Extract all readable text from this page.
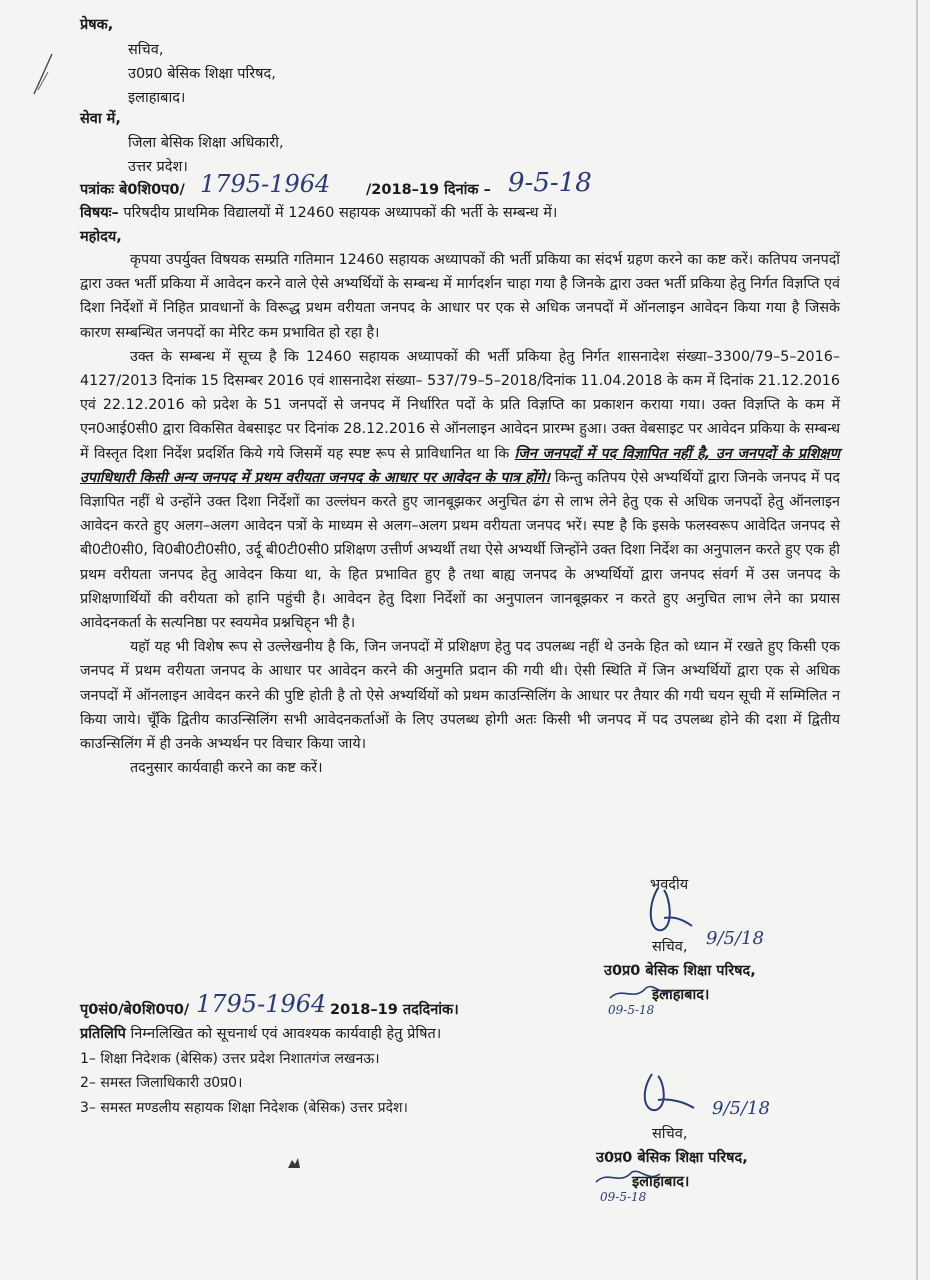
प्रेषक,
सचिव,
उ0प्र0 बेसिक शिक्षा परिषद,
इलाहाबाद।
सेवा में,
जिला बेसिक शिक्षा अधिकारी,
उत्तर प्रदेश।
पत्रांकः बे0शि0प0/ 1795-1964 /2018–19 दिनांक – 9-5-18
विषयः– परिषदीय प्राथमिक विद्यालयों में 12460 सहायक अध्यापकों की भर्ती के सम्बन्ध में।
महोदय,

कृपया उपर्युक्त विषयक सम्प्रति गतिमान 12460 सहायक अध्यापकों की भर्ती प्रकिया का संदर्भ ग्रहण करने का कष्ट करें। कतिपय जनपदों द्वारा उक्त भर्ती प्रकिया में आवेदन करने वाले ऐसे अभ्यर्थियों के सम्बन्ध में मार्गदर्शन चाहा गया है जिनके द्वारा उक्त भर्ती प्रकिया हेतु निर्गत विज्ञप्ति एवं दिशा निर्देशों में निहित प्रावधानों के विरूद्ध प्रथम वरीयता जनपद के आधार पर एक से अधिक जनपदों में ऑनलाइन आवेदन किया गया है जिसके कारण सम्बन्धित जनपदों का मेरिट कम प्रभावित हो रहा है।

उक्त के सम्बन्ध में सूच्य है कि 12460 सहायक अध्यापकों की भर्ती प्रकिया हेतु निर्गत शासनादेश संख्या–3300/79–5–2016–4127/2013 दिनांक 15 दिसम्बर 2016 एवं शासनादेश संख्या– 537/79–5–2018/दिनांक 11.04.2018 के कम में दिनांक 21.12.2016 एवं 22.12.2016 को प्रदेश के 51 जनपदों से जनपद में निर्धारित पदों के प्रति विज्ञप्ति का प्रकाशन कराया गया। उक्त विज्ञप्ति के कम में एन0आई0सी0 द्वारा विकसित वेबसाइट पर दिनांक 28.12.2016 से ऑनलाइन आवेदन प्रारम्भ हुआ। उक्त वेबसाइट पर आवेदन प्रकिया के सम्बन्ध में विस्तृत दिशा निर्देश प्रदर्शित किये गये जिसमें यह स्पष्ट रूप से प्राविधानित था कि जिन जनपदों में पद विज्ञापित नहीं है, उन जनपदों के प्रशिक्षण उपाधिधारी किसी अन्य जनपद में प्रथम वरीयता जनपद के आधार पर आवेदन के पात्र होंगे। किन्तु कतिपय ऐसे अभ्यर्थियों द्वारा जिनके जनपद में पद विज्ञापित नहीं थे उन्होंने उक्त दिशा निर्देशों का उल्लंघन करते हुए जानबूझकर अनुचित ढंग से लाभ लेने हेतु एक से अधिक जनपदों हेतु ऑनलाइन आवेदन करते हुए अलग–अलग आवेदन पत्रों के माध्यम से अलग–अलग प्रथम वरीयता जनपद भरें। स्पष्ट है कि इसके फलस्वरूप आवेदित जनपद से बी0टी0सी0, वि0बी0टी0सी0, उर्दू बी0टी0सी0 प्रशिक्षण उत्तीर्ण अभ्यर्थी तथा ऐसे अभ्यर्थी जिन्होंने उक्त दिशा निर्देश का अनुपालन करते हुए एक ही प्रथम वरीयता जनपद हेतु आवेदन किया था, के हित प्रभावित हुए है तथा बाह्य जनपद के अभ्यर्थियों द्वारा जनपद संवर्ग में उस जनपद के प्रशिक्षणार्थियों की वरीयता को हानि पहुंची है। आवेदन हेतु दिशा निर्देशों का अनुपालन जानबूझकर न करते हुए अनुचित लाभ लेने का प्रयास आवेदनकर्ता के सत्यनिष्ठा पर स्वयमेव प्रश्नचिह्‌न भी है।

यहॉ यह भी विशेष रूप से उल्लेखनीय है कि, जिन जनपदों में प्रशिक्षण हेतु पद उपलब्ध नहीं थे उनके हित को ध्यान में रखते हुए किसी एक जनपद में प्रथम वरीयता जनपद के आधार पर आवेदन करने की अनुमति प्रदान की गयी थी। ऐसी स्थिति में जिन अभ्यर्थियों द्वारा एक से अधिक जनपदों में ऑनलाइन आवेदन करने की पुष्टि होती है तो ऐसे अभ्यर्थियों को प्रथम काउन्सिलिंग के आधार पर तैयार की गयी चयन सूची में सम्मिलित न किया जाये। चूँकि द्वितीय काउन्सिलिंग सभी आवेदनकर्ताओं के लिए उपलब्ध होगी अतः किसी भी जनपद में पद उपलब्ध होने की दशा में द्वितीय काउन्सिलिंग में ही उनके अभ्यर्थन पर विचार किया जाये।

तदनुसार कार्यवाही करने का कष्ट करें।

भवदीय
सचिव, 9/5/18
उ0प्र0 बेसिक शिक्षा परिषद,
इलाहाबाद।
09-5-18
पृ0सं0/बे0शि0प0/ 1795-1964 2018–19 तददिनांक।
प्रतिलिपि निम्नलिखित को सूचनार्थ एवं आवश्यक कार्यवाही हेतु प्रेषित।
1– शिक्षा निदेशक (बेसिक) उत्तर प्रदेश निशातगंज लखनऊ।
2– समस्त जिलाधिकारी उ0प्र0।
3– समस्त मण्डलीय सहायक शिक्षा निदेशक (बेसिक) उत्तर प्रदेश।	9/5/18
सचिव,
उ0प्र0 बेसिक शिक्षा परिषद,
इलाहाबाद।
09-5-18
